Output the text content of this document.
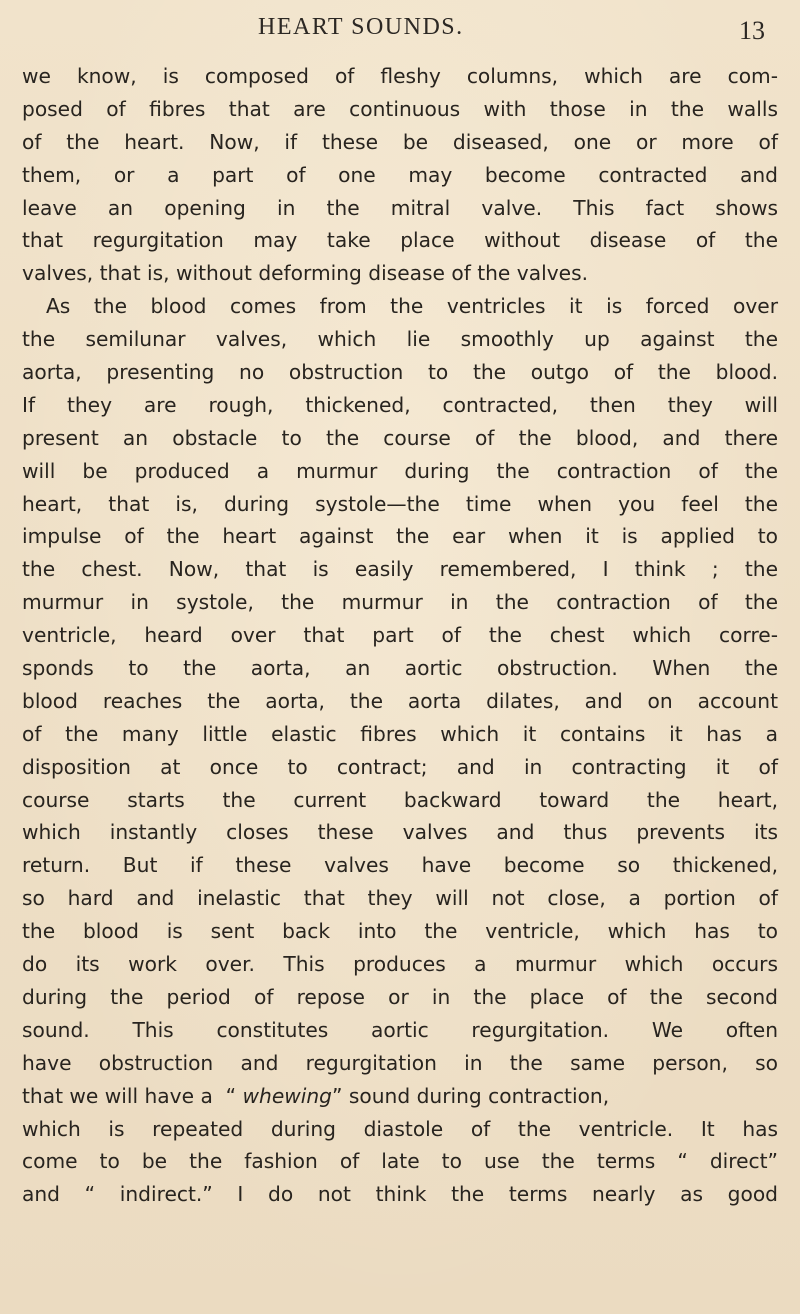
HEART SOUNDS.	13
we know, is composed of fleshy columns, which are com-
posed of fibres that are continuous with those in the walls
of the heart. Now, if these be diseased, one or more of
them, or a part of one may become contracted and
leave an opening in the mitral valve. This fact shows
that regurgitation may take place without disease of the
valves, that is, without deforming disease of the valves.
As the blood comes from the ventricles it is forced over
the semilunar valves, which lie smoothly up against the
aorta, presenting no obstruction to the outgo of the blood.
If they are rough, thickened, contracted, then they will
present an obstacle to the course of the blood, and there
will be produced a murmur during the contraction of the
heart, that is, during systole—the time when you feel the
impulse of the heart against the ear when it is applied to
the chest. Now, that is easily remembered, I think ; the
murmur in systole, the murmur in the contraction of the
ventricle, heard over that part of the chest which corre-
sponds to the aorta, an aortic obstruction. When the
blood reaches the aorta, the aorta dilates, and on account
of the many little elastic fibres which it contains it has a
disposition at once to contract; and in contracting it of
course starts the current backward toward the heart,
which instantly closes these valves and thus prevents its
return. But if these valves have become so thickened,
so hard and inelastic that they will not close, a portion of
the blood is sent back into the ventricle, which has to
do its work over. This produces a murmur which occurs
during the period of repose or in the place of the second
sound. This constitutes aortic regurgitation. We often
have obstruction and regurgitation in the same person, so
that we will have a  “ whewing” sound during contraction,
which is repeated during diastole of the ventricle. It has
come to be the fashion of late to use the terms “ direct”
and “ indirect.” I do not think the terms nearly as good
